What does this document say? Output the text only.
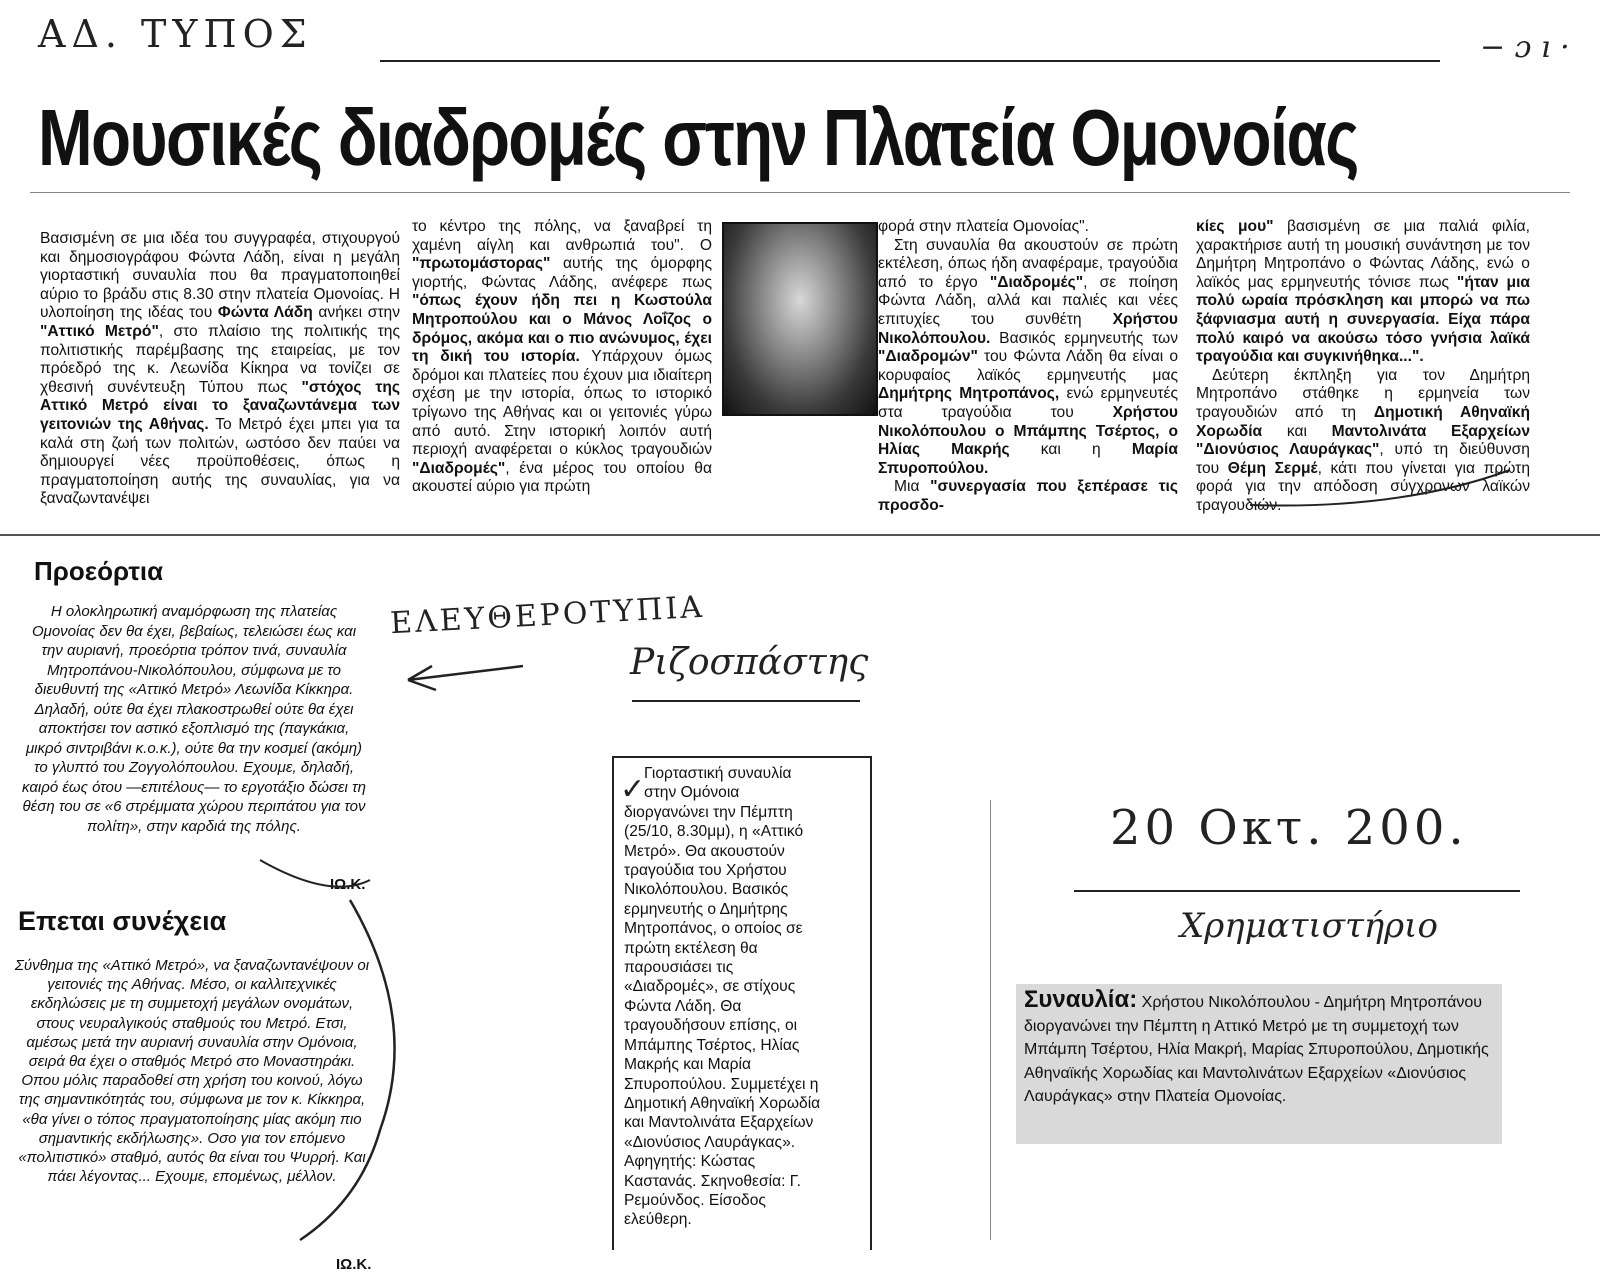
ΑΔ. ΤΥΠΟΣ	− ɔ ı ·
Μουσικές διαδρομές στην Πλατεία Ομονοίας

Βασισμένη σε μια ιδέα του συγγραφέα, στιχουργού και δημοσιογράφου Φώντα Λάδη, είναι η μεγάλη γιορταστική συναυλία που θα πραγματοποιηθεί αύριο το βράδυ στις 8.30 στην πλατεία Ομονοίας. Η υλοποίηση της ιδέας του Φώντα Λάδη ανήκει στην "Αττικό Μετρό", στο πλαίσιο της πολιτικής της πολιτιστικής παρέμβασης της εταιρείας, με τον πρόεδρό της κ. Λεωνίδα Κίκηρα να τονίζει σε χθεσινή συνέντευξη Τύπου πως "στόχος της Αττικό Μετρό είναι το ξαναζωντάνεμα των γειτονιών της Αθήνας. Το Μετρό έχει μπει για τα καλά στη ζωή των πολιτών, ωστόσο δεν παύει να δημιουργεί νέες προϋποθέσεις, όπως η πραγματοποίηση αυτής της συναυλίας, για να ξαναζωντανέψει

το κέντρο της πόλης, να ξαναβρεί τη χαμένη αίγλη και ανθρωπιά του". Ο "πρωτομάστορας" αυτής της όμορφης γιορτής, Φώντας Λάδης, ανέφερε πως "όπως έχουν ήδη πει η Κωστούλα Μητροπούλου και ο Μάνος Λοΐζος ο δρόμος, ακόμα και ο πιο ανώνυμος, έχει τη δική του ιστορία. Υπάρχουν όμως δρόμοι και πλατείες που έχουν μια ιδιαίτερη σχέση με την ιστορία, όπως το ιστορικό τρίγωνο της Αθήνας και οι γειτονιές γύρω από αυτό. Στην ιστορική λοιπόν αυτή περιοχή αναφέρεται ο κύκλος τραγουδιών "Διαδρομές", ένα μέρος του οποίου θα ακουστεί αύριο για πρώτη

φορά στην πλατεία Ομονοίας".

Στη συναυλία θα ακουστούν σε πρώτη εκτέλεση, όπως ήδη αναφέραμε, τραγούδια από το έργο "Διαδρομές", σε ποίηση Φώντα Λάδη, αλλά και παλιές και νέες επιτυχίες του συνθέτη Χρήστου Νικολόπουλου. Βασικός ερμηνευτής των "Διαδρομών" του Φώντα Λάδη θα είναι ο κορυφαίος λαϊκός ερμηνευτής μας Δημήτρης Μητροπάνος, ενώ ερμηνευτές στα τραγούδια του Χρήστου Νικολόπουλου ο Μπάμπης Τσέρτος, ο Ηλίας Μακρής και η Μαρία Σπυροπούλου.

Μια "συνεργασία που ξεπέρασε τις προσδο-

κίες μου" βασισμένη σε μια παλιά φιλία, χαρακτήρισε αυτή τη μουσική συνάντηση με τον Δημήτρη Μητροπάνο ο Φώντας Λάδης, ενώ ο λαϊκός μας ερμηνευτής τόνισε πως "ήταν μια πολύ ωραία πρόσκληση και μπορώ να πω ξάφνιασμα αυτή η συνεργασία. Είχα πάρα πολύ καιρό να ακούσω τόσο γνήσια λαϊκά τραγούδια και συγκινήθηκα...".

Δεύτερη έκπληξη για τον Δημήτρη Μητροπάνο στάθηκε η ερμηνεία των τραγουδιών από τη Δημοτική Αθηναϊκή Χορωδία και Μαντολινάτα Εξαρχείων "Διονύσιος Λαυράγκας", υπό τη διεύθυνση του Θέμη Σερμέ, κάτι που γίνεται για πρώτη φορά για την απόδοση σύγχρονων λαϊκών τραγουδιών.

Προεόρτια
Η ολοκληρωτική αναμόρφωση της πλατείας Ομονοίας δεν θα έχει, βεβαίως, τελειώσει έως και την αυριανή, προεόρτια τρόπον τινά, συναυλία Μητροπάνου-Νικολόπουλου, σύμφωνα με το διευθυντή της «Αττικό Μετρό» Λεωνίδα Κίκκηρα. Δηλαδή, ούτε θα έχει πλακοστρωθεί ούτε θα έχει αποκτήσει τον αστικό εξοπλισμό της (παγκάκια, μικρό σιντριβάνι κ.ο.κ.), ούτε θα την κοσμεί (ακόμη) το γλυπτό του Ζογγολόπουλου. Εχουμε, δηλαδή, καιρό έως ότου —επιτέλους— το εργοτάξιο δώσει τη θέση του σε «6 στρέμματα χώρου περιπάτου για τον πολίτη», στην καρδιά της πόλης.
ΙΩ.Κ.
Επεται συνέχεια
Σύνθημα της «Αττικό Μετρό», να ξαναζωντανέψουν οι γειτονιές της Αθήνας. Μέσο, οι καλλιτεχνικές εκδηλώσεις με τη συμμετοχή μεγάλων ονομάτων, στους νευραλγικούς σταθμούς του Μετρό. Ετσι, αμέσως μετά την αυριανή συναυλία στην Ομόνοια, σειρά θα έχει ο σταθμός Μετρό στο Μοναστηράκι. Οπου μόλις παραδοθεί στη χρήση του κοινού, λόγω της σημαντικότητάς του, σύμφωνα με τον κ. Κίκκηρα, «θα γίνει ο τόπος πραγματοποίησης μίας ακόμη πιο σημαντικής εκδήλωσης». Οσο για τον επόμενο «πολιτιστικό» σταθμό, αυτός θα είναι του Ψυρρή. Και πάει λέγοντας... Εχουμε, επομένως, μέλλον.
ΙΩ.Κ.
ΕΛΕΥΘΕΡΟΤΥΠΙΑ
Ριζοσπάστης
✓
Γιορταστική συναυλία
στην Ομόνοια
διοργανώνει την Πέμπτη
(25/10, 8.30μμ), η «Αττικό
Μετρό». Θα ακουστούν
τραγούδια του Χρήστου
Νικολόπουλου. Βασικός
ερμηνευτής ο Δημήτρης
Μητροπάνος, ο οποίος σε
πρώτη εκτέλεση θα
παρουσιάσει τις
«Διαδρομές», σε στίχους
Φώντα Λάδη. Θα
τραγουδήσουν επίσης, οι
Μπάμπης Τσέρτος, Ηλίας
Μακρής και Μαρία
Σπυροπούλου. Συμμετέχει η
Δημοτική Αθηναϊκή Χορωδία
και Μαντολινάτα Εξαρχείων
«Διονύσιος Λαυράγκας».
Αφηγητής: Κώστας
Καστανάς. Σκηνοθεσία: Γ.
Ρεμούνδος. Είσοδος
ελεύθερη.
20 Οκτ. 200.
Χρηματιστήριο
Συναυλία: Χρήστου Νικολόπουλου - Δημήτρη Μητροπάνου διοργανώνει την Πέμπτη η Αττικό Μετρό με τη συμμετοχή των Μπάμπη Τσέρτου, Ηλία Μακρή, Μαρίας Σπυροπούλου, Δημοτικής Αθηναϊκής Χορωδίας και Μαντολινάτων Εξαρχείων «Διονύσιος Λαυράγκας» στην Πλατεία Ομονοίας.
